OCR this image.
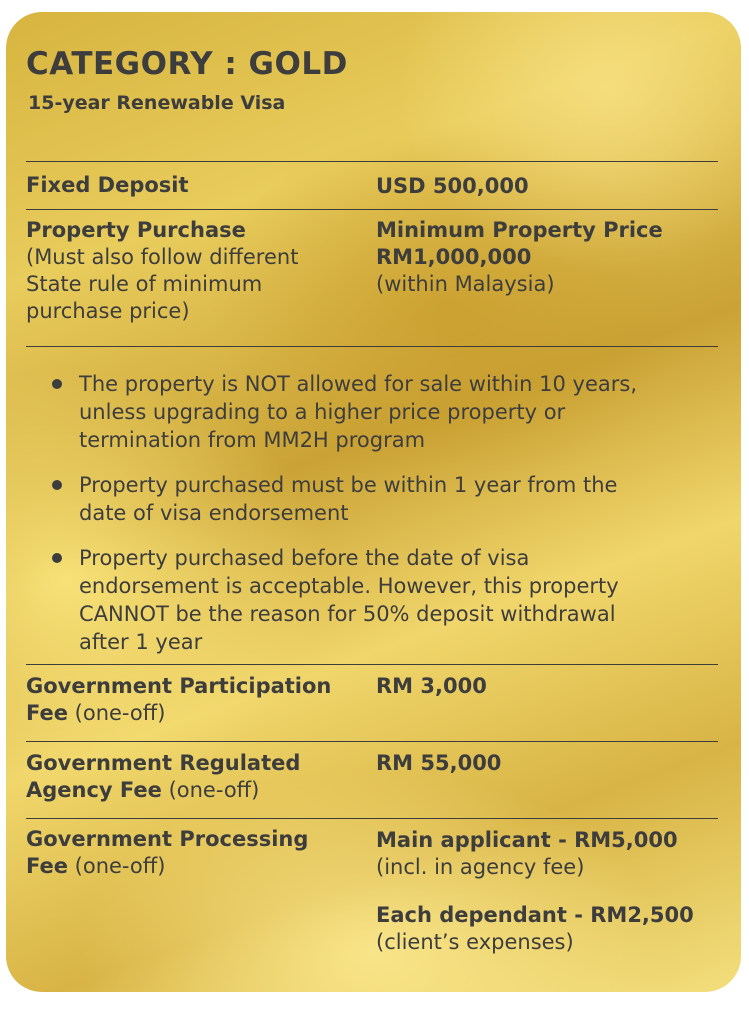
CATEGORY : GOLD
15-year Renewable Visa
Fixed Deposit	USD 500,000
Property Purchase
(Must also follow different
State rule of minimum
purchase price)
Minimum Property Price
RM1,000,000
(within Malaysia)
The property is NOT allowed for sale within 10 years,
unless upgrading to a higher price property or
termination from MM2H program
Property purchased must be within 1 year from the
date of visa endorsement
Property purchased before the date of visa
endorsement is acceptable. However, this property
CANNOT be the reason for 50% deposit withdrawal
after 1 year
Government Participation
Fee (one-off)
RM 3,000
Government Regulated
Agency Fee (one-off)
RM 55,000
Government Processing
Fee (one-off)
Main applicant - RM5,000
(incl. in agency fee)
Each dependant - RM2,500
(client’s expenses)
